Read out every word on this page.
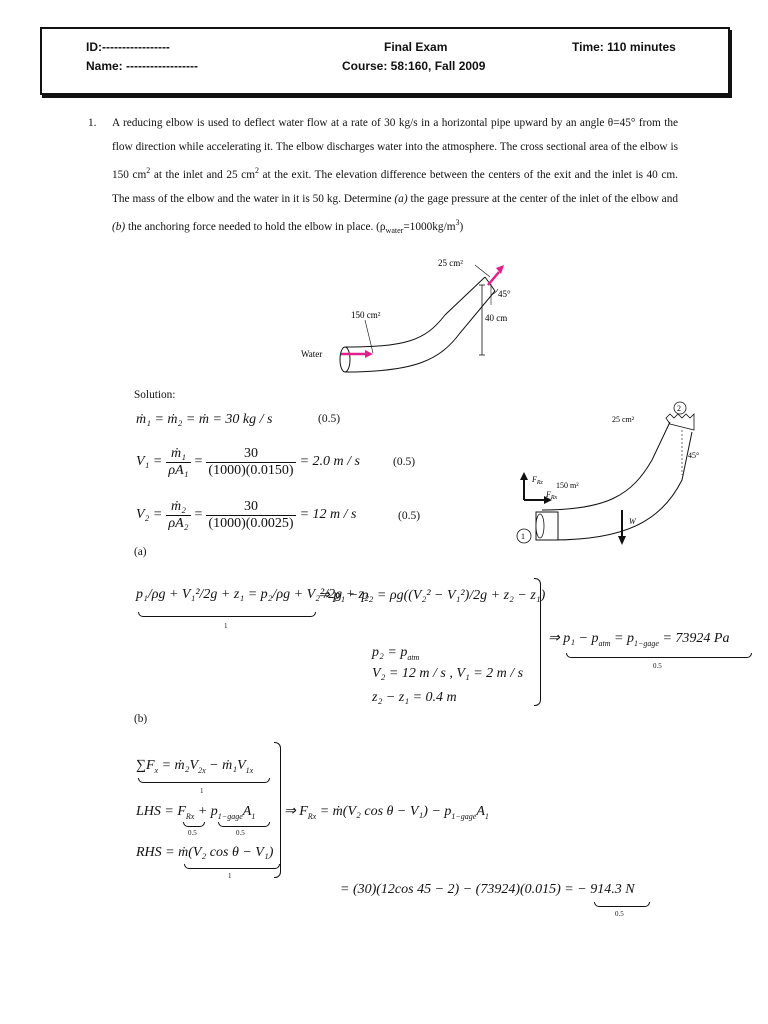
ID:-----------------
Name: ------------------
Final Exam
Course: 58:160, Fall 2009
Time: 110 minutes
1. A reducing elbow is used to deflect water flow at a rate of 30 kg/s in a horizontal pipe upward by an angle θ=45° from the flow direction while accelerating it. The elbow discharges water into the atmosphere. The cross sectional area of the elbow is 150 $cm^2$ at the inlet and 25 $cm^2$ at the exit. The elevation difference between the centers of the exit and the inlet is 40 cm. The mass of the elbow and the water in it is 50 kg. Determine (a) the gage pressure at the center of the inlet of the elbow and (b) the anchoring force needed to hold the elbow in place. $(\rho_{water}=1000kg/m^3)$
25 cm²
45°
150 cm²	40 cm
Water
25 cm²
45°
150 m²
$F_{Rz}$
$F_{Rx}$
W
1
2
Solution:
ṁ₁ = ṁ₂ = ṁ = 30 kg / s	(0.5)
$V_1 = \frac{\text{ṁ₁}}{\text{ρA₁}} = \frac{30}{(1000)(0.0150)} = 2.0$ m / s	(0.5)
$V_2 = \frac{\text{ṁ₂}}{\text{ρA₂}} = \frac{30}{(1000)(0.0025)} = 12$ m / s	(0.5)
(a)
p₁/ρg + V₁²/2g + z₁ = p₂/ρg + V₂²/2g + z₂
1
⇒ p₁ − p₂ = ρg((V₂² − V₁²)/2g + z₂ − z₁)
$p_2 = p_{atm}$
V₂ = 12 m / s , V₁ = 2 m / s
z₂ − z₁ = 0.4 m
⇒ $p_1 - p_{atm} = p_{1-gage} = 73924$ Pa
0.5
(b)
$\sum F_x$ = $ṁ_2V_{2x}$ − $ṁ_1V_{1x}$
1
LHS = $F_{Rx} + p_{1-gage}A_1$
0.5	0.5
RHS = ṁ(V₂ cos θ − V₁)
1
⇒ $F_{Rx}$ = ṁ(V₂ $\cos \theta - V_1) - p_{1-gage}A_1$
= (30)(12cos 45 − 2) − (73924)(0.015) = − 914.3 N
0.5
